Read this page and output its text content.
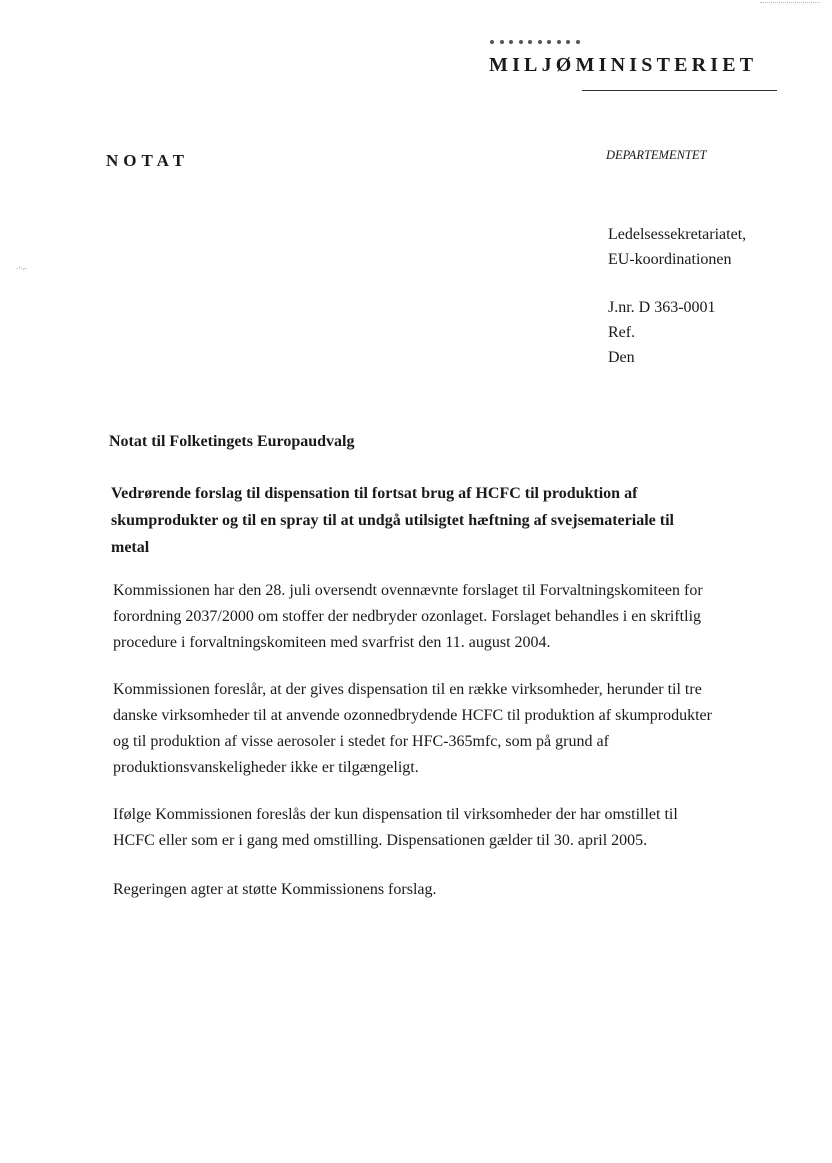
·ʻ·⌐
MILJØMINISTERIET
NOTAT	DEPARTEMENTET
Ledelsessekretariatet,
EU-koordinationen
J.nr. D 363-0001
Ref.
Den
Notat til Folketingets Europaudvalg
Vedrørende forslag til dispensation til fortsat brug af HCFC til produktion af
skumprodukter og til en spray til at undgå utilsigtet hæftning af svejsemateriale til
metal
Kommissionen har den 28. juli oversendt ovennævnte forslaget til Forvaltningskomiteen for
forordning 2037/2000 om stoffer der nedbryder ozonlaget. Forslaget behandles i en skriftlig
procedure i forvaltningskomiteen med svarfrist den 11. august 2004.
Kommissionen foreslår, at der gives dispensation til en række virksomheder, herunder til tre
danske virksomheder til at anvende ozonnedbrydende HCFC til produktion af skumprodukter
og til produktion af visse aerosoler i stedet for HFC-365mfc, som på grund af
produktionsvanskeligheder ikke er tilgængeligt.
Ifølge Kommissionen foreslås der kun dispensation til virksomheder der har omstillet til
HCFC eller som er i gang med omstilling. Dispensationen gælder til 30. april 2005.
Regeringen agter at støtte Kommissionens forslag.
